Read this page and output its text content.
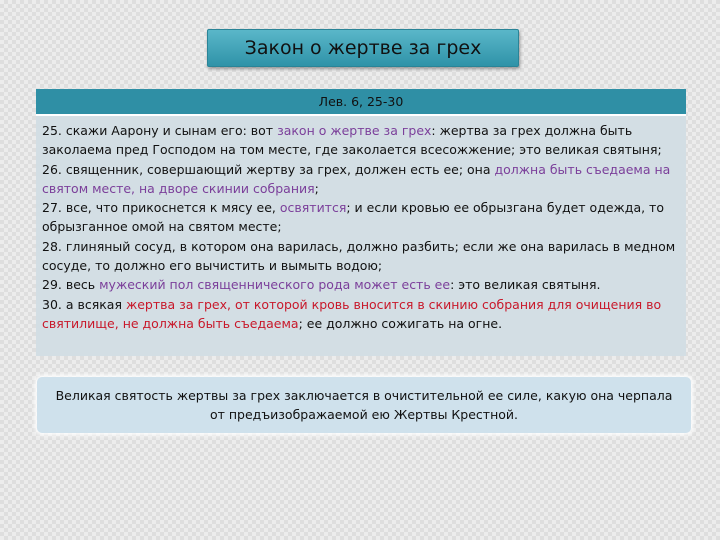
Закон о жертве за грех
Лев. 6, 25-30

25. скажи Аарону и сынам его: вот закон о жертве за грех: жертва за грех должна быть заколаема пред Господом на том месте, где заколается всесожжение; это великая святыня;

26. священник, совершающий жертву за грех, должен есть ее; она должна быть съедаема на святом месте, на дворе скинии собрания;

27. все, что прикоснется к мясу ее, освятится; и если кровью ее обрызгана будет одежда, то обрызганное омой на святом месте;

28. глиняный сосуд, в котором она варилась, должно разбить; если же она варилась в медном сосуде, то должно его вычистить и вымыть водою;

29. весь мужеский пол священнического рода может есть ее: это великая святыня.

30. а всякая жертва за грех, от которой кровь вносится в скинию собрания для очищения во святилище, не должна быть съедаема; ее должно сожигать на огне.

Великая святость жертвы за грех заключается в очистительной ее силе, какую она черпала от предъизображаемой ею Жертвы Крестной.
